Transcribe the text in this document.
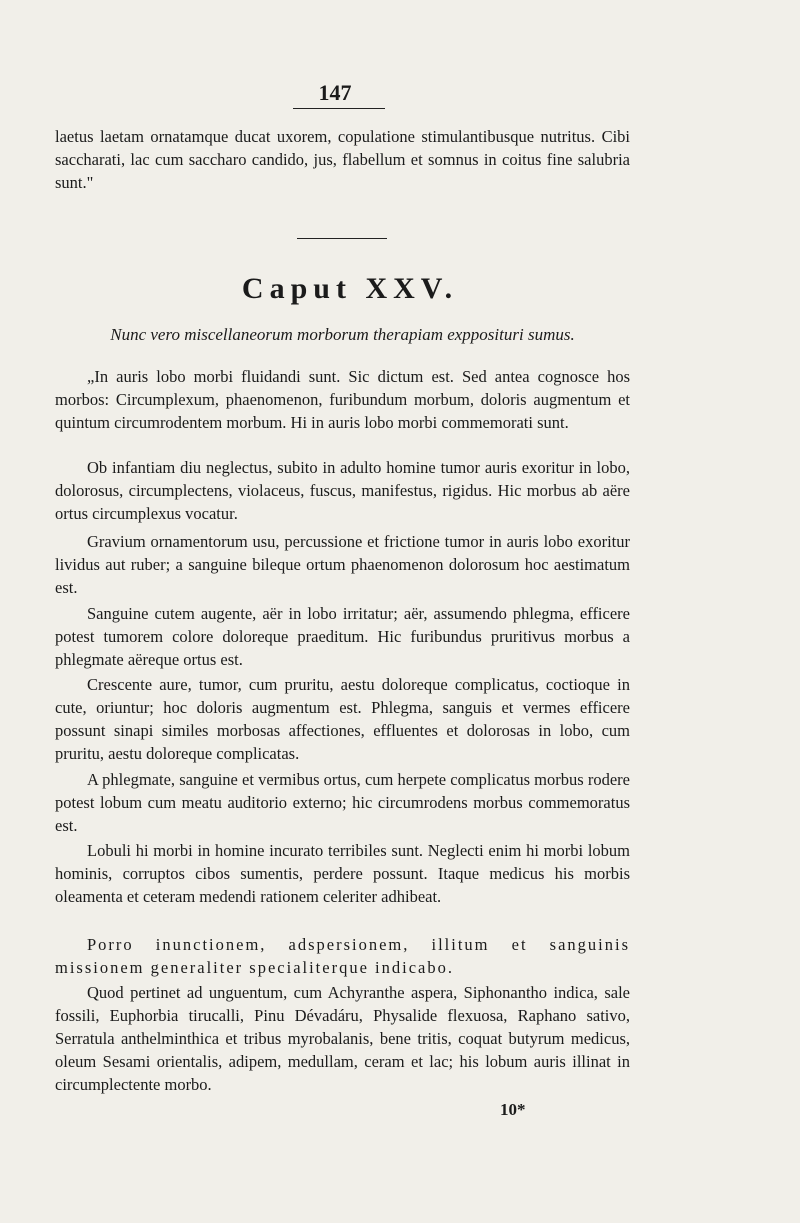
147
laetus laetam ornatamque ducat uxorem, copulatione stimulantibusque nutritus. Cibi saccharati, lac cum saccharo candido, jus, flabellum et somnus in coitus fine salubria sunt."
Caput XXV.
Nunc vero miscellaneorum morborum therapiam expposituri sumus.
„In auris lobo morbi fluidandi sunt. Sic dictum est. Sed antea cognosce hos morbos: Circumplexum, phaenomenon, furibundum morbum, doloris augmentum et quintum circumrodentem morbum. Hi in auris lobo morbi commemorati sunt.
Ob infantiam diu neglectus, subito in adulto homine tumor auris exoritur in lobo, dolorosus, circumplectens, violaceus, fuscus, manifestus, rigidus. Hic morbus ab aëre ortus circumplexus vocatur.
Gravium ornamentorum usu, percussione et frictione tumor in auris lobo exoritur lividus aut ruber; a sanguine bileque ortum phaenomenon dolorosum hoc aestimatum est.
Sanguine cutem augente, aër in lobo irritatur; aër, assumendo phlegma, efficere potest tumorem colore doloreque praeditum. Hic furibundus pruritivus morbus a phlegmate aëreque ortus est.
Crescente aure, tumor, cum pruritu, aestu doloreque complicatus, coctioque in cute, oriuntur; hoc doloris augmentum est. Phlegma, sanguis et vermes efficere possunt sinapi similes morbosas affectiones, effluentes et dolorosas in lobo, cum pruritu, aestu doloreque complicatas.
A phlegmate, sanguine et vermibus ortus, cum herpete complicatus morbus rodere potest lobum cum meatu auditorio externo; hic circumrodens morbus commemoratus est.
Lobuli hi morbi in homine incurato terribiles sunt. Neglecti enim hi morbi lobum hominis, corruptos cibos sumentis, perdere possunt. Itaque medicus his morbis oleamenta et ceteram medendi rationem celeriter adhibeat.
Porro inunctionem, adspersionem, illitum et sanguinis missionem generaliter specialiterque indicabo.
Quod pertinet ad unguentum, cum Achyranthe aspera, Siphonantho indica, sale fossili, Euphorbia tirucalli, Pinu Dévadáru, Physalide flexuosa, Raphano sativo, Serratula anthelminthica et tribus myrobalanis, bene tritis, coquat butyrum medicus, oleum Sesami orientalis, adipem, medullam, ceram et lac; his lobum auris illinat in circumplectente morbo.
10*
